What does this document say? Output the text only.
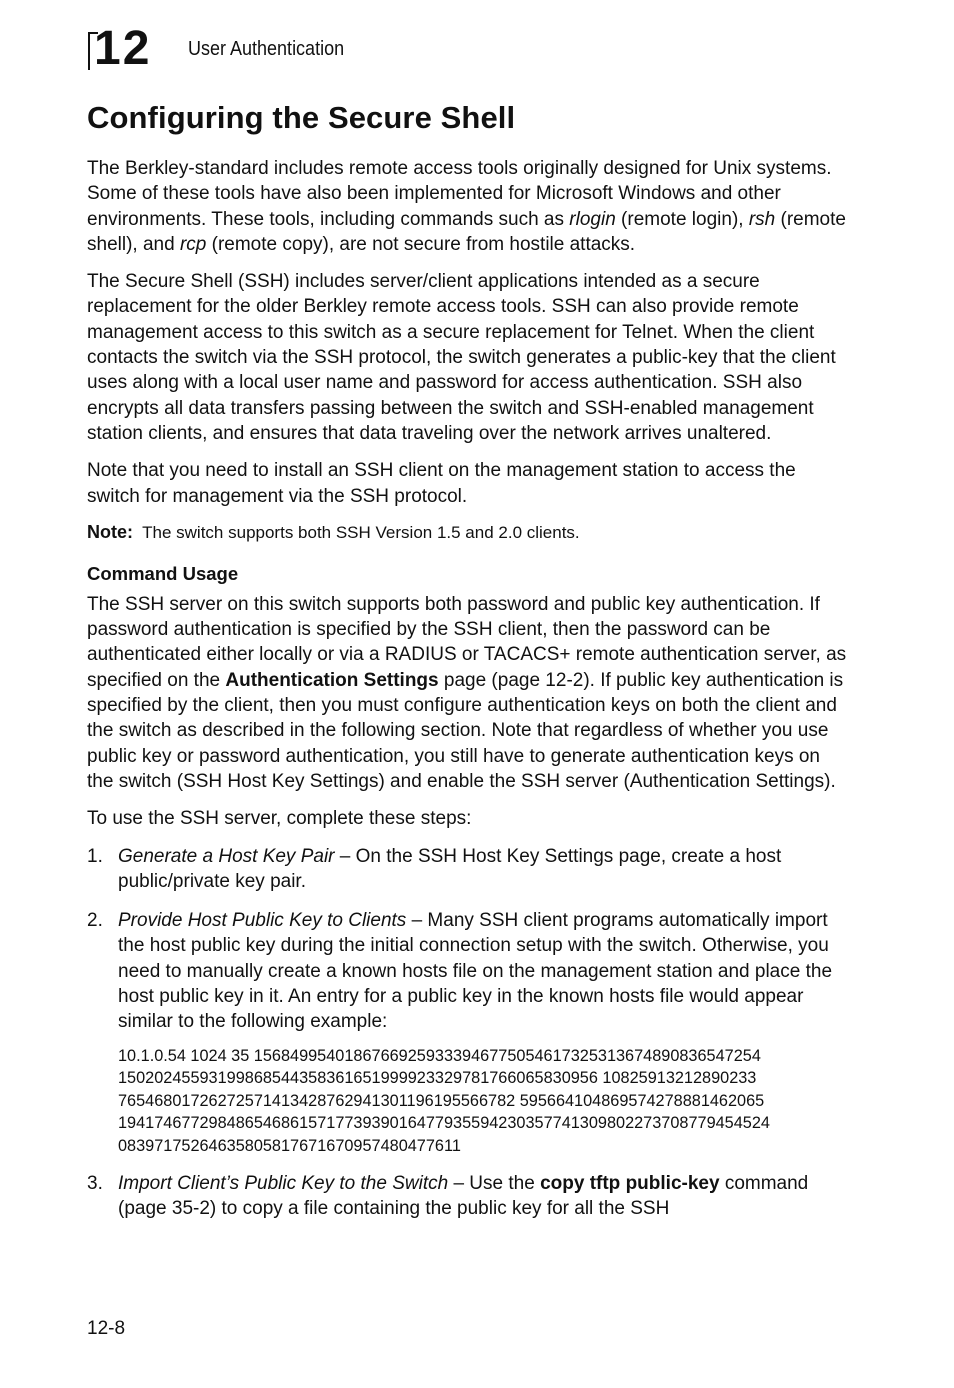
12 User Authentication
Configuring the Secure Shell

The Berkley-standard includes remote access tools originally designed for Unix systems. Some of these tools have also been implemented for Microsoft Windows and other environments. These tools, including commands such as rlogin (remote login), rsh (remote shell), and rcp (remote copy), are not secure from hostile attacks.

The Secure Shell (SSH) includes server/client applications intended as a secure replacement for the older Berkley remote access tools. SSH can also provide remote management access to this switch as a secure replacement for Telnet. When the client contacts the switch via the SSH protocol, the switch generates a public-key that the client uses along with a local user name and password for access authentication. SSH also encrypts all data transfers passing between the switch and SSH-enabled management station clients, and ensures that data traveling over the network arrives unaltered.

Note that you need to install an SSH client on the management station to access the switch for management via the SSH protocol.

Note: The switch supports both SSH Version 1.5 and 2.0 clients.

Command Usage

The SSH server on this switch supports both password and public key authentication. If password authentication is specified by the SSH client, then the password can be authenticated either locally or via a RADIUS or TACACS+ remote authentication server, as specified on the Authentication Settings page (page 12-2). If public key authentication is specified by the client, then you must configure authentication keys on both the client and the switch as described in the following section. Note that regardless of whether you use public key or password authentication, you still have to generate authentication keys on the switch (SSH Host Key Settings) and enable the SSH server (Authentication Settings).

To use the SSH server, complete these steps:

1. Generate a Host Key Pair – On the SSH Host Key Settings page, create a host public/private key pair.
2. Provide Host Public Key to Clients – Many SSH client programs automatically import the host public key during the initial connection setup with the switch. Otherwise, you need to manually create a known hosts file on the management station and place the host public key in it. An entry for a public key in the known hosts file would appear similar to the following example:
10.1.0.54 1024 35 15684995401867669259333946775054617325313674890836547254
15020245593199868544358361651999923329781766065830956 10825913212890233
76546801726272571413428762941301196195566782 595664104869574278881462065
194174677298486546861571773939016477935594230357741309802273708779454524
08397175264635805817671670957480477611
3. Import Client’s Public Key to the Switch – Use the copy tftp public-key command (page 35-2) to copy a file containing the public key for all the SSH
12-8
